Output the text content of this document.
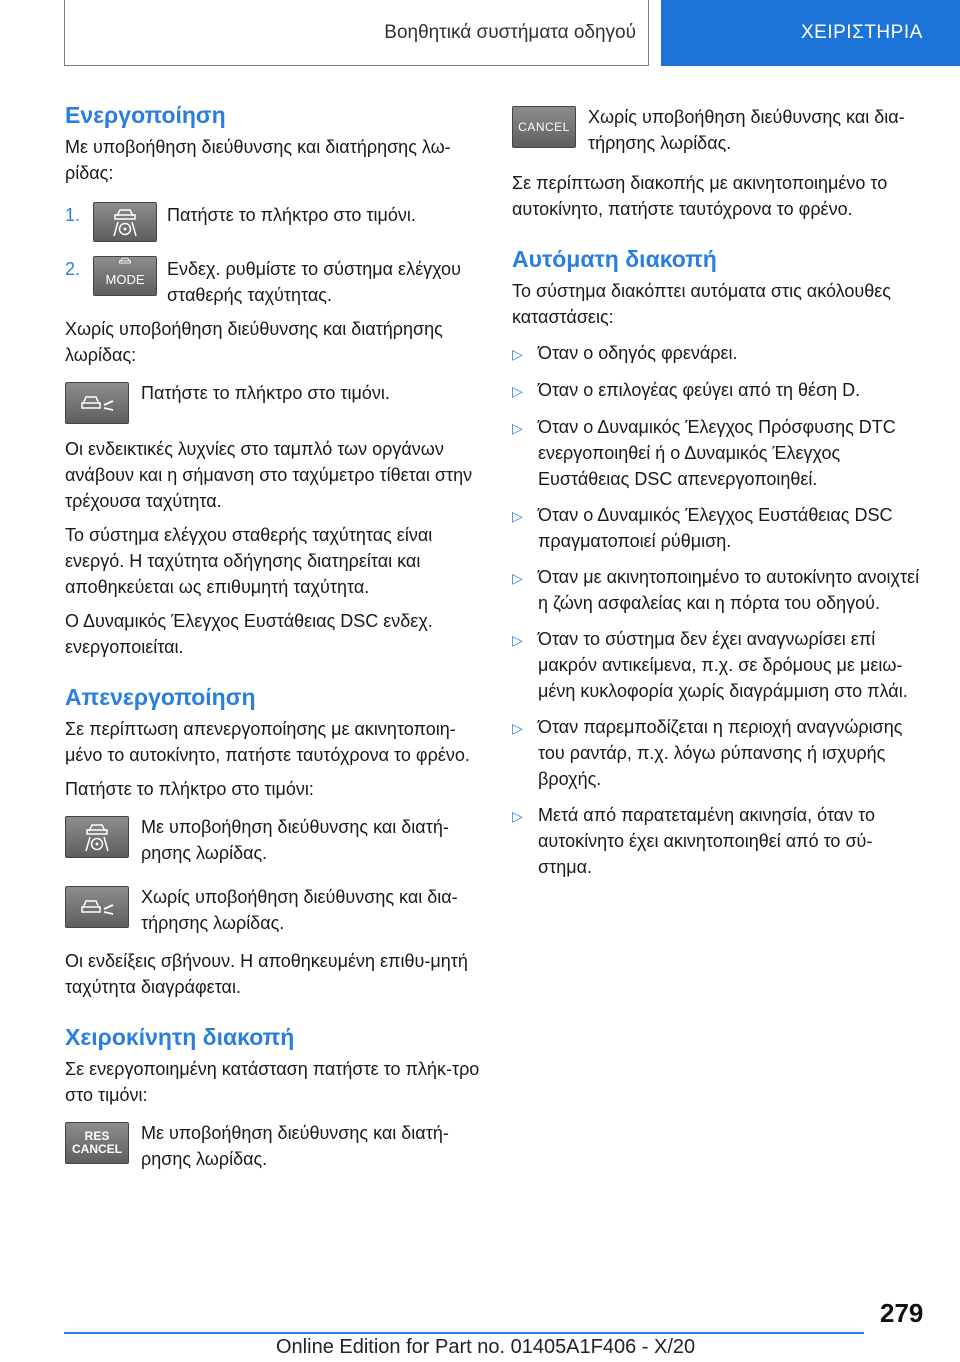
Βοηθητικά συστήματα οδηγού	ΧΕΙΡΙΣΤΗΡΙΑ
Ενεργοποίηση

Με υποβοήθηση διεύθυνσης και διατήρησης λω-ρίδας:

1.	Πατήστε το πλήκτρο στο τιμόνι.
2.
MODE
Ενδεχ. ρυθμίστε το σύστημα ελέγχου σταθερής ταχύτητας.

Χωρίς υποβοήθηση διεύθυνσης και διατήρησης λωρίδας:

Πατήστε το πλήκτρο στο τιμόνι.

Οι ενδεικτικές λυχνίες στο ταμπλό των οργάνων ανάβουν και η σήμανση στο ταχύμετρο τίθεται στην τρέχουσα ταχύτητα.

Το σύστημα ελέγχου σταθερής ταχύτητας είναι ενεργό. Η ταχύτητα οδήγησης διατηρείται και αποθηκεύεται ως επιθυμητή ταχύτητα.

Ο Δυναμικός Έλεγχος Ευστάθειας DSC ενδεχ. ενεργοποιείται.

Απενεργοποίηση

Σε περίπτωση απενεργοποίησης με ακινητοποιη-μένο το αυτοκίνητο, πατήστε ταυτόχρονα το φρένο.

Πατήστε το πλήκτρο στο τιμόνι:

Με υποβοήθηση διεύθυνσης και διατή-ρησης λωρίδας.
Χωρίς υποβοήθηση διεύθυνσης και δια-τήρησης λωρίδας.

Οι ενδείξεις σβήνουν. Η αποθηκευμένη επιθυ-μητή ταχύτητα διαγράφεται.

Χειροκίνητη διακοπή

Σε ενεργοποιημένη κατάσταση πατήστε το πλήκ-τρο στο τιμόνι:

RES
CANCEL
Με υποβοήθηση διεύθυνσης και διατή-ρησης λωρίδας.
CANCEL Χωρίς υποβοήθηση διεύθυνσης και δια-τήρησης λωρίδας.

Σε περίπτωση διακοπής με ακινητοποιημένο το αυτοκίνητο, πατήστε ταυτόχρονα το φρένο.

Αυτόματη διακοπή

Το σύστημα διακόπτει αυτόματα στις ακόλουθες καταστάσεις:

▷ Όταν ο οδηγός φρενάρει.
▷ Όταν ο επιλογέας φεύγει από τη θέση D.
▷ Όταν ο Δυναμικός Έλεγχος Πρόσφυσης DTC ενεργοποιηθεί ή ο Δυναμικός Έλεγχος Ευστάθειας DSC απενεργοποιηθεί.
▷ Όταν ο Δυναμικός Έλεγχος Ευστάθειας DSC πραγματοποιεί ρύθμιση.
▷ Όταν με ακινητοποιημένο το αυτοκίνητο ανοιχτεί η ζώνη ασφαλείας και η πόρτα του οδηγού.
▷ Όταν το σύστημα δεν έχει αναγνωρίσει επί μακρόν αντικείμενα, π.χ. σε δρόμους με μειω-μένη κυκλοφορία χωρίς διαγράμμιση στο πλάι.
▷ Όταν παρεμποδίζεται η περιοχή αναγνώρισης του ραντάρ, π.χ. λόγω ρύπανσης ή ισχυρής βροχής.
▷ Μετά από παρατεταμένη ακινησία, όταν το αυτοκίνητο έχει ακινητοποιηθεί από το σύ-στημα.
279
Online Edition for Part no. 01405A1F406 - X/20
